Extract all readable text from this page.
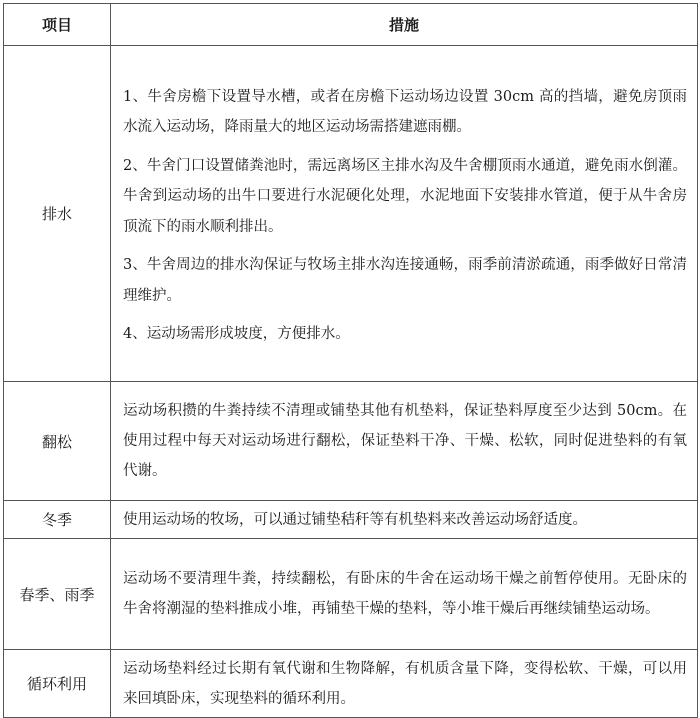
项目	措施
排水	1、牛舍房檐下设置导水槽，或者在房檐下运动场边设置 30cm 高的挡墙，避免房顶雨水流入运动场，降雨量大的地区运动场需搭建遮雨棚。

2、牛舍门口设置储粪池时，需远离场区主排水沟及牛舍棚顶雨水通道，避免雨水倒灌。牛舍到运动场的出牛口要进行水泥硬化处理，水泥地面下安装排水管道，便于从牛舍房顶流下的雨水顺利排出。

3、牛舍周边的排水沟保证与牧场主排水沟连接通畅，雨季前清淤疏通，雨季做好日常清理维护。

4、运动场需形成坡度，方便排水。

翻松	运动场积攒的牛粪持续不清理或铺垫其他有机垫料，保证垫料厚度至少达到 50cm。在使用过程中每天对运动场进行翻松，保证垫料干净、干燥、松软，同时促进垫料的有氧代谢。

冬季	使用运动场的牧场，可以通过铺垫秸秆等有机垫料来改善运动场舒适度。

春季、雨季	运动场不要清理牛粪，持续翻松，有卧床的牛舍在运动场干燥之前暂停使用。无卧床的牛舍将潮湿的垫料推成小堆，再铺垫干燥的垫料，等小堆干燥后再继续铺垫运动场。

循环利用	运动场垫料经过长期有氧代谢和生物降解，有机质含量下降，变得松软、干燥，可以用来回填卧床，实现垫料的循环利用。
